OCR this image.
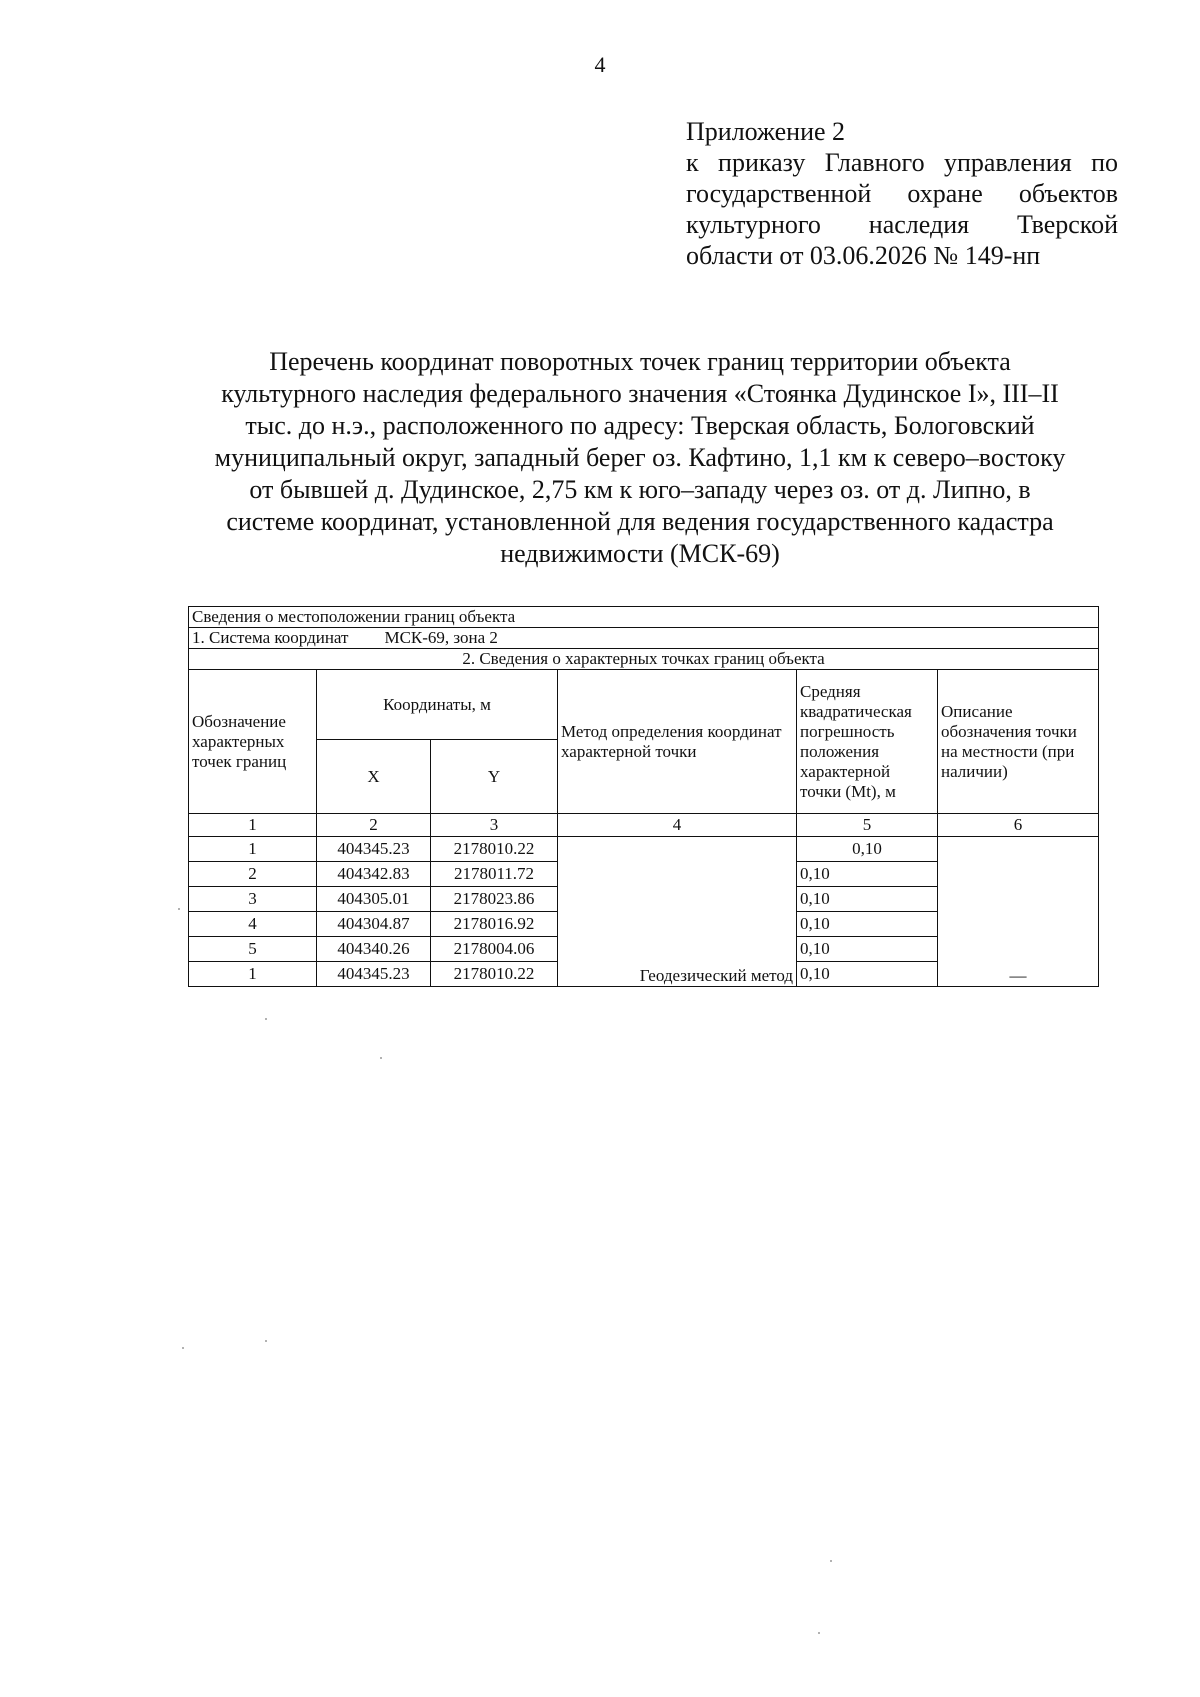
4
Приложение 2
к приказу Главного управления по государственной охране объектов культурного наследия Тверской области от 03.06.2026 № 149-нп
Перечень координат поворотных точек границ территории объекта
культурного наследия федерального значения «Стоянка Дудинское I», III–II
тыс. до н.э., расположенного по адресу: Тверская область, Бологовский
муниципальный округ, западный берег оз. Кафтино, 1,1 км к северо–востоку
от бывшей д. Дудинское, 2,75 км к юго–западу через оз. от д. Липно, в
системе координат, установленной для ведения государственного кадастра
недвижимости (МСК-69)
Сведения о местоположении границ объекта					
1. Система координат МСК-69, зона 2					
2. Сведения о характерных точках границ объекта					
Обозначение характерных точек границ	Координаты, м		Метод определения координат характерной точки	Средняя квадратическая погрешность положения характерной точки (Mt), м	Описание обозначения точки на местности (при наличии)
	X	Y			
1	2	3	4	5	6
1	404345.23	2178010.22	Геодезический метод	0,10	—
2	404342.83	2178011.72		0,10	
3	404305.01	2178023.86		0,10	
4	404304.87	2178016.92		0,10	
5	404340.26	2178004.06		0,10	
1	404345.23	2178010.22		0,10	
